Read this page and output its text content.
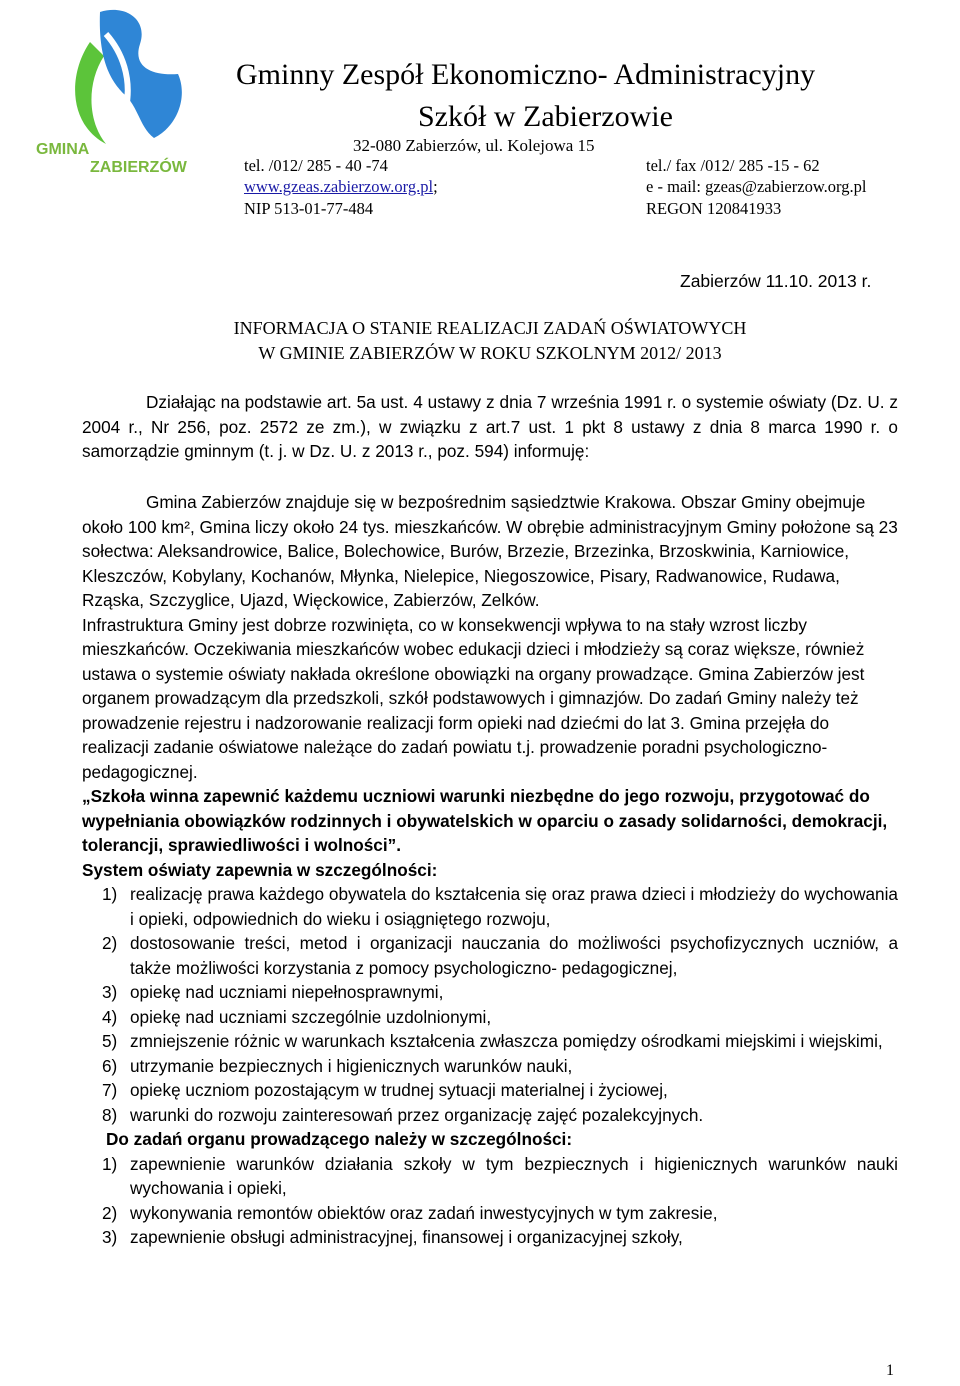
GMINA
ZABIERZÓW
Gminny Zespół Ekonomiczno- Administracyjny
Szkół w Zabierzowie
32-080 Zabierzów, ul. Kolejowa 15
tel. /012/ 285 - 40 -74	tel./ fax /012/ 285 -15 - 62
www.gzeas.zabierzow.org.pl;	e - mail: gzeas@zabierzow.org.pl
NIP 513-01-77-484	REGON 120841933
Zabierzów 11.10. 2013 r.
INFORMACJA O STANIE REALIZACJI ZADAŃ OŚWIATOWYCH
W GMINIE ZABIERZÓW W ROKU SZKOLNYM 2012/ 2013

Działając na podstawie art. 5a ust. 4 ustawy z dnia 7 września 1991 r. o systemie oświaty (Dz. U. z 2004 r., Nr 256, poz. 2572 ze zm.), w związku z art.7 ust. 1 pkt 8 ustawy z dnia 8 marca 1990 r. o samorządzie gminnym (t. j. w Dz. U. z 2013 r., poz. 594) informuję:

Gmina Zabierzów znajduje się w bezpośrednim sąsiedztwie Krakowa. Obszar Gminy obejmuje około 100 km², Gmina liczy około 24 tys. mieszkańców. W obrębie administracyjnym Gminy położone są 23 sołectwa: Aleksandrowice, Balice, Bolechowice, Burów, Brzezie, Brzezinka, Brzoskwinia, Karniowice, Kleszczów, Kobylany, Kochanów, Młynka, Nielepice, Niegoszowice, Pisary, Radwanowice, Rudawa, Rząska, Szczyglice, Ujazd, Więckowice, Zabierzów, Zelków.

Infrastruktura Gminy jest dobrze rozwinięta, co w konsekwencji wpływa to na stały wzrost liczby mieszkańców. Oczekiwania mieszkańców wobec edukacji dzieci i młodzieży są coraz większe, również ustawa o systemie oświaty nakłada określone obowiązki na organy prowadzące. Gmina Zabierzów jest organem prowadzącym dla przedszkoli, szkół podstawowych i gimnazjów. Do zadań Gminy należy też prowadzenie rejestru i nadzorowanie realizacji form opieki nad dziećmi do lat 3. Gmina przejęła do realizacji zadanie oświatowe należące do zadań powiatu t.j. prowadzenie poradni psychologiczno- pedagogicznej.

„Szkoła winna zapewnić każdemu uczniowi warunki niezbędne do jego rozwoju, przygotować do wypełniania obowiązków rodzinnych i obywatelskich w oparciu o zasady solidarności, demokracji, tolerancji, sprawiedliwości i wolności”.

System oświaty zapewnia w szczególności:

1) realizację prawa każdego obywatela do kształcenia się oraz prawa dzieci i młodzieży do wychowania i opieki, odpowiednich do wieku i osiągniętego rozwoju,
2) dostosowanie treści, metod i organizacji nauczania do możliwości psychofizycznych uczniów, a także możliwości korzystania z pomocy psychologiczno- pedagogicznej,
3) opiekę nad uczniami niepełnosprawnymi,
4) opiekę nad uczniami szczególnie uzdolnionymi,
5) zmniejszenie różnic w warunkach kształcenia zwłaszcza pomiędzy ośrodkami miejskimi i wiejskimi,
6) utrzymanie bezpiecznych i higienicznych warunków nauki,
7) opiekę uczniom pozostającym w trudnej sytuacji materialnej i życiowej,
8) warunki do rozwoju zainteresowań przez organizację zajęć pozalekcyjnych.

Do zadań organu prowadzącego należy w szczególności:

1) zapewnienie warunków działania szkoły w tym bezpiecznych i higienicznych warunków nauki wychowania i opieki,
2) wykonywania remontów obiektów oraz zadań inwestycyjnych w tym zakresie,
3) zapewnienie obsługi administracyjnej, finansowej i organizacyjnej szkoły,
1
